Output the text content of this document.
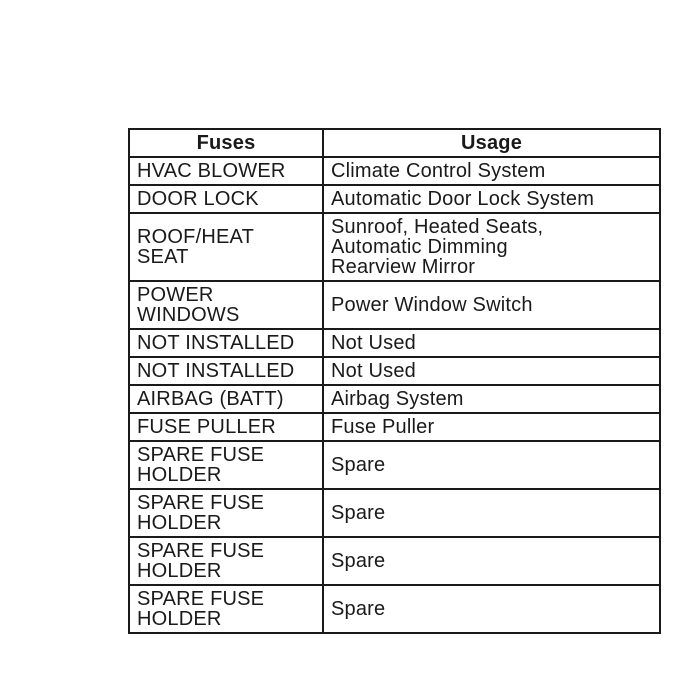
Fuses	Usage
HVAC BLOWER	Climate Control System
DOOR LOCK	Automatic Door Lock System
ROOF/HEAT
SEAT	Sunroof, Heated Seats,
Automatic Dimming
Rearview Mirror
POWER
WINDOWS	Power Window Switch
NOT INSTALLED	Not Used
NOT INSTALLED	Not Used
AIRBAG (BATT)	Airbag System
FUSE PULLER	Fuse Puller
SPARE FUSE
HOLDER	Spare
SPARE FUSE
HOLDER	Spare
SPARE FUSE
HOLDER	Spare
SPARE FUSE
HOLDER	Spare
